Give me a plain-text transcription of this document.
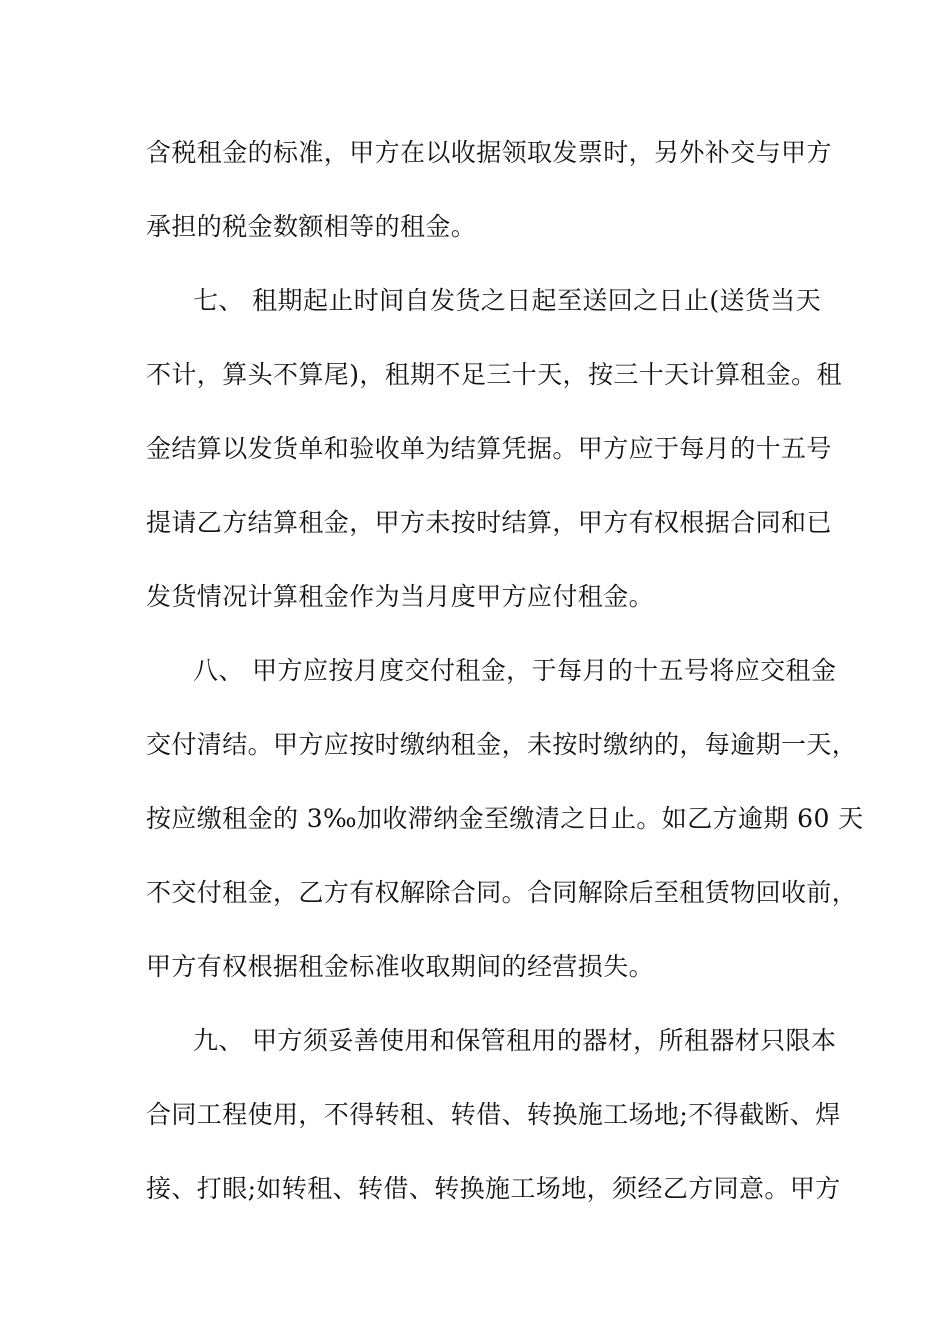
含税租金的标准，甲方在以收据领取发票时，另外补交与甲方
承担的税金数额相等的租金。
七、 租期起止时间自发货之日起至送回之日止(送货当天
不计，算头不算尾)，租期不足三十天，按三十天计算租金。租
金结算以发货单和验收单为结算凭据。甲方应于每月的十五号
提请乙方结算租金，甲方未按时结算，甲方有权根据合同和已
发货情况计算租金作为当月度甲方应付租金。
八、 甲方应按月度交付租金，于每月的十五号将应交租金
交付清结。甲方应按时缴纳租金，未按时缴纳的，每逾期一天，
按应缴租金的 3‰加收滞纳金至缴清之日止。如乙方逾期 60 天
不交付租金，乙方有权解除合同。合同解除后至租赁物回收前，
甲方有权根据租金标准收取期间的经营损失。
九、 甲方须妥善使用和保管租用的器材，所租器材只限本
合同工程使用，不得转租、转借、转换施工场地;不得截断、焊
接、打眼;如转租、转借、转换施工场地，须经乙方同意。甲方
